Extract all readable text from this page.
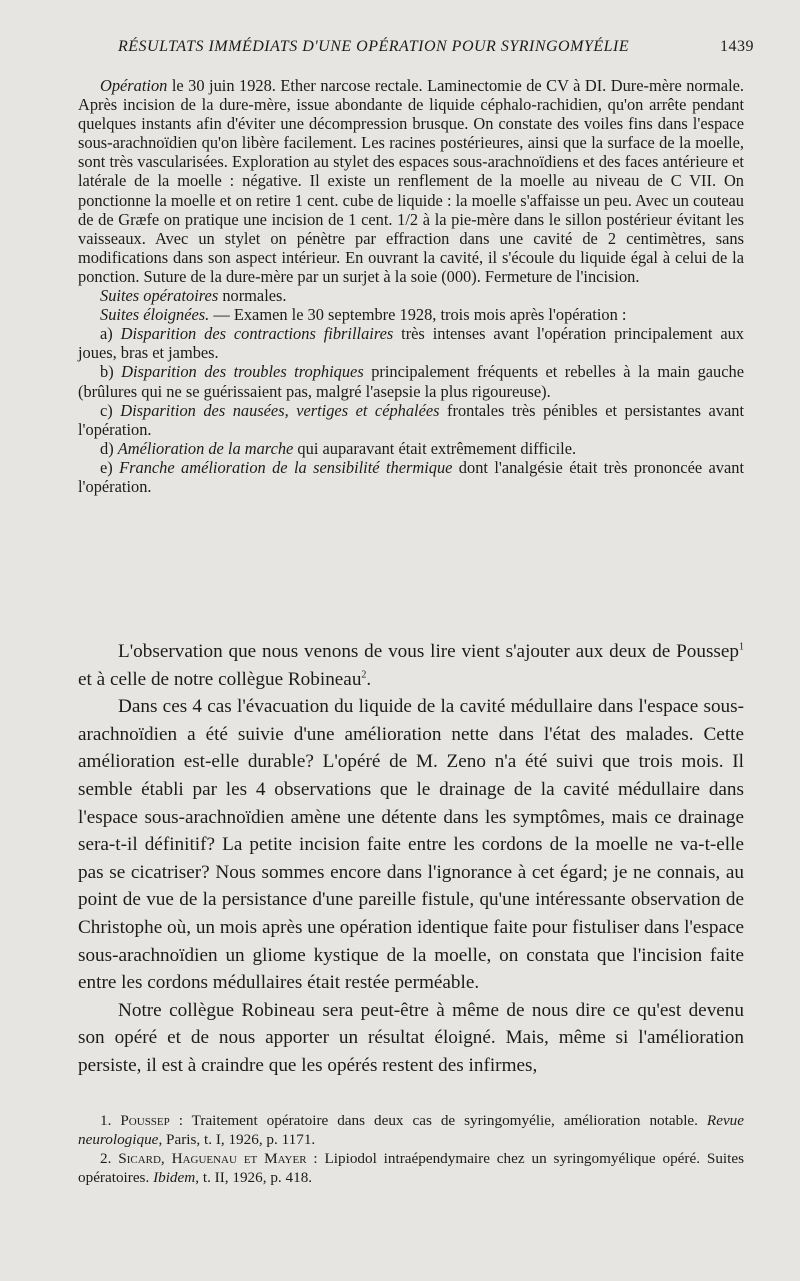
RÉSULTATS IMMÉDIATS D'UNE OPÉRATION POUR SYRINGOMYÉLIE	1439

Opération le 30 juin 1928. Ether narcose rectale. Laminectomie de CV à DI. Dure-mère normale. Après incision de la dure-mère, issue abondante de liquide céphalo-rachidien, qu'on arrête pendant quelques instants afin d'éviter une décompression brusque. On constate des voiles fins dans l'espace sous-arachnoïdien qu'on libère facilement. Les racines postérieures, ainsi que la surface de la moelle, sont très vascularisées. Exploration au stylet des espaces sous-arachnoïdiens et des faces antérieure et latérale de la moelle : négative. Il existe un renflement de la moelle au niveau de C VII. On ponctionne la moelle et on retire 1 cent. cube de liquide : la moelle s'affaisse un peu. Avec un couteau de de Græfe on pratique une incision de 1 cent. 1/2 à la pie-mère dans le sillon postérieur évitant les vaisseaux. Avec un stylet on pénètre par effraction dans une cavité de 2 centimètres, sans modifications dans son aspect intérieur. En ouvrant la cavité, il s'écoule du liquide égal à celui de la ponction. Suture de la dure-mère par un surjet à la soie (000). Fermeture de l'incision.

Suites opératoires normales.

Suites éloignées. — Examen le 30 septembre 1928, trois mois après l'opération :

a) Disparition des contractions fibrillaires très intenses avant l'opération principalement aux joues, bras et jambes.

b) Disparition des troubles trophiques principalement fréquents et rebelles à la main gauche (brûlures qui ne se guérissaient pas, malgré l'asepsie la plus rigoureuse).

c) Disparition des nausées, vertiges et céphalées frontales très pénibles et persistantes avant l'opération.

d) Amélioration de la marche qui auparavant était extrêmement difficile.

e) Franche amélioration de la sensibilité thermique dont l'analgésie était très prononcée avant l'opération.

L'observation que nous venons de vous lire vient s'ajouter aux deux de Poussep$^1$ et à celle de notre collègue Robineau$^2$.

Dans ces 4 cas l'évacuation du liquide de la cavité médullaire dans l'espace sous-arachnoïdien a été suivie d'une amélioration nette dans l'état des malades. Cette amélioration est-elle durable? L'opéré de M. Zeno n'a été suivi que trois mois. Il semble établi par les 4 observations que le drainage de la cavité médullaire dans l'espace sous-arachnoïdien amène une détente dans les symptômes, mais ce drainage sera-t-il définitif? La petite incision faite entre les cordons de la moelle ne va-t-elle pas se cicatriser? Nous sommes encore dans l'ignorance à cet égard; je ne connais, au point de vue de la persistance d'une pareille fistule, qu'une intéressante observation de Christophe où, un mois après une opération identique faite pour fistuliser dans l'espace sous-arachnoïdien un gliome kystique de la moelle, on constata que l'incision faite entre les cordons médullaires était restée perméable.

Notre collègue Robineau sera peut-être à même de nous dire ce qu'est devenu son opéré et de nous apporter un résultat éloigné. Mais, même si l'amélioration persiste, il est à craindre que les opérés restent des infirmes,

1. Poussep : Traitement opératoire dans deux cas de syringomyélie, amélioration notable. Revue neurologique, Paris, t. I, 1926, p. 1171.

2. Sicard, Haguenau et Mayer : Lipiodol intraépendymaire chez un syringomyélique opéré. Suites opératoires. Ibidem, t. II, 1926, p. 418.
